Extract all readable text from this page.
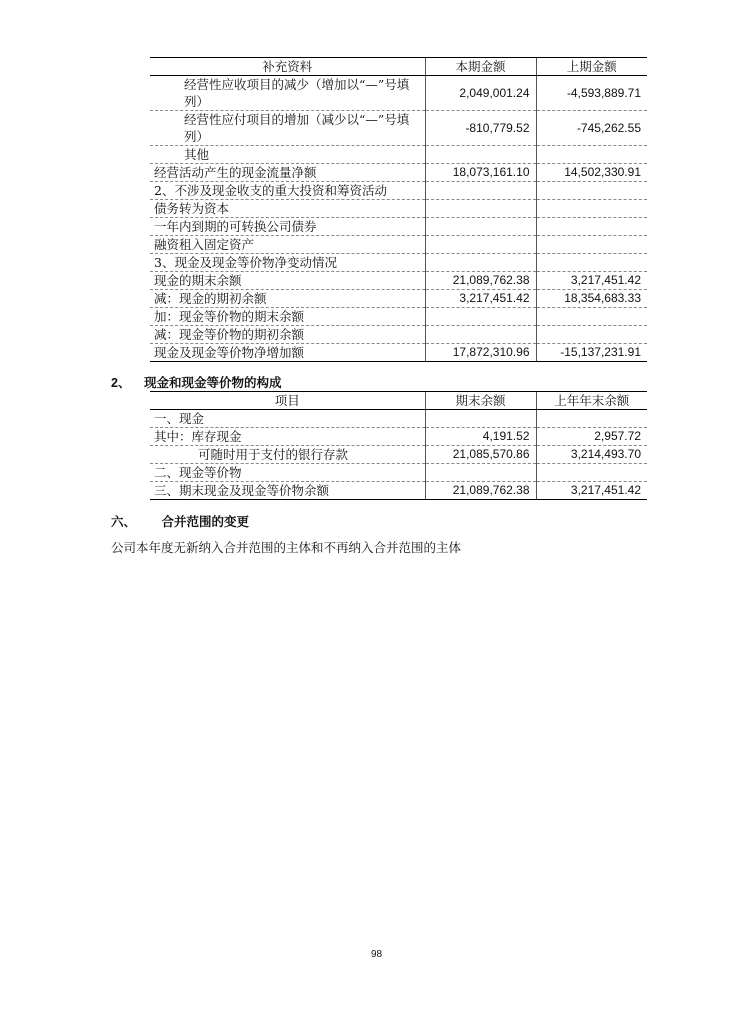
补充资料	本期金额	上期金额
经营性应收项目的减少（增加以“—”号填列）	2,049,001.24	-4,593,889.71
经营性应付项目的增加（减少以“—”号填列）	-810,779.52	-745,262.55
其他		
经营活动产生的现金流量净额	18,073,161.10	14,502,330.91
2、不涉及现金收支的重大投资和筹资活动		
债务转为资本		
一年内到期的可转换公司债券		
融资租入固定资产		
3、现金及现金等价物净变动情况		
现金的期末余额	21,089,762.38	3,217,451.42
减：现金的期初余额	3,217,451.42	18,354,683.33
加：现金等价物的期末余额		
减：现金等价物的期初余额		
现金及现金等价物净增加额	17,872,310.96	-15,137,231.91
2、 现金和现金等价物的构成
项目	期末余额	上年年末余额
一、现金		
其中：库存现金	4,191.52	2,957.72
可随时用于支付的银行存款	21,085,570.86	3,214,493.70
二、现金等价物		
三、期末现金及现金等价物余额	21,089,762.38	3,217,451.42
六、 合并范围的变更
公司本年度无新纳入合并范围的主体和不再纳入合并范围的主体
98
